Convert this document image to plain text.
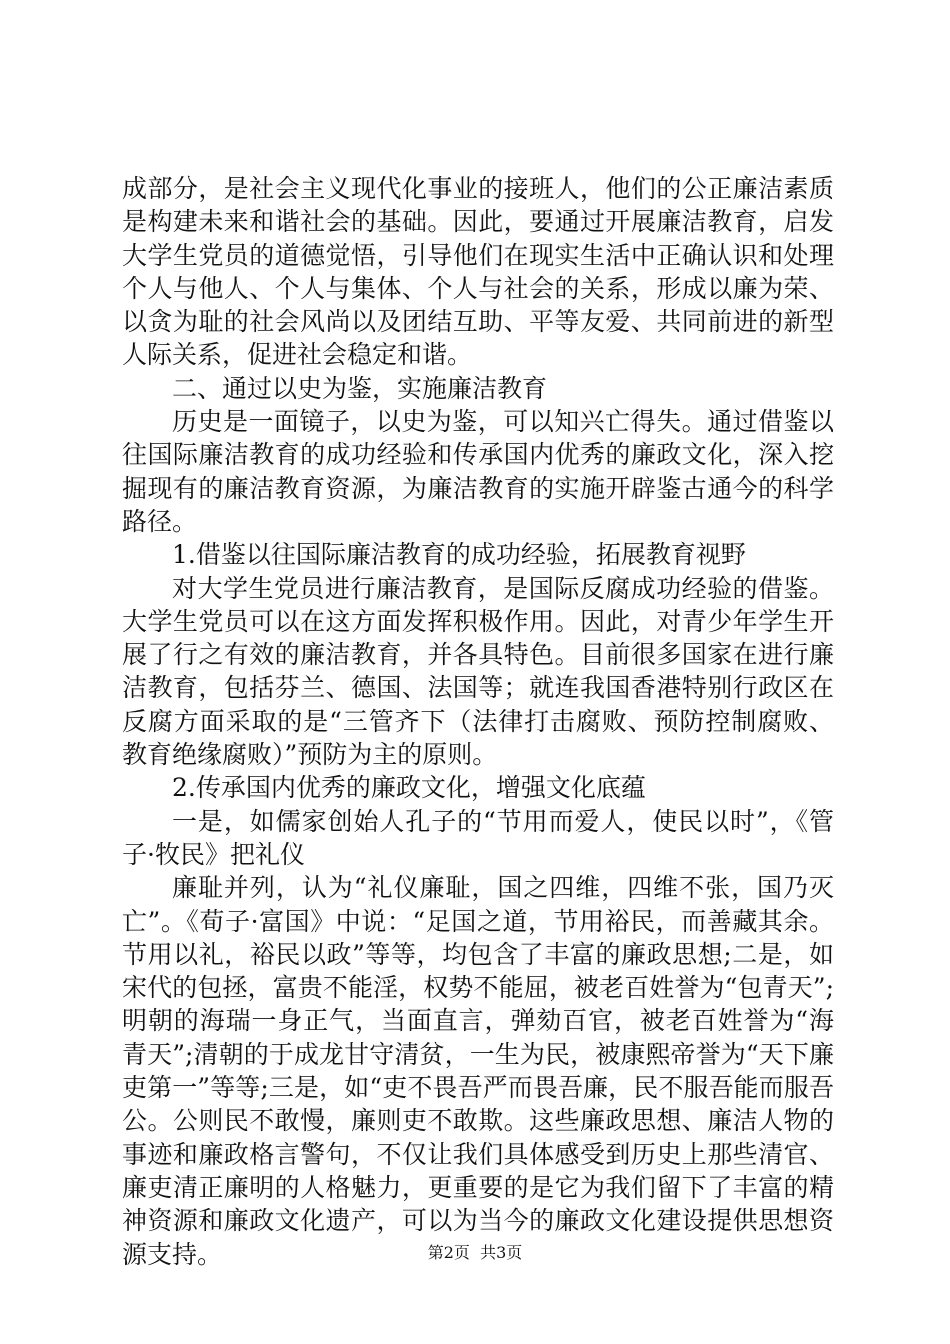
成部分，是社会主义现代化事业的接班人，他们的公正廉洁素质是构建未来和谐社会的基础。因此，要通过开展廉洁教育，启发大学生党员的道德觉悟，引导他们在现实生活中正确认识和处理个人与他人、个人与集体、个人与社会的关系，形成以廉为荣、以贪为耻的社会风尚以及团结互助、平等友爱、共同前进的新型人际关系，促进社会稳定和谐。

二、通过以史为鉴，实施廉洁教育

历史是一面镜子，以史为鉴，可以知兴亡得失。通过借鉴以往国际廉洁教育的成功经验和传承国内优秀的廉政文化，深入挖掘现有的廉洁教育资源，为廉洁教育的实施开辟鉴古通今的科学路径。

1.借鉴以往国际廉洁教育的成功经验，拓展教育视野

对大学生党员进行廉洁教育，是国际反腐成功经验的借鉴。大学生党员可以在这方面发挥积极作用。因此，对青少年学生开展了行之有效的廉洁教育，并各具特色。目前很多国家在进行廉洁教育，包括芬兰、德国、法国等；就连我国香港特别行政区在反腐方面采取的是“三管齐下（法律打击腐败、预防控制腐败、教育绝缘腐败）”预防为主的原则。

2.传承国内优秀的廉政文化，增强文化底蕴

一是，如儒家创始人孔子的“节用而爱人，使民以时”，《管子·牧民》把礼仪

廉耻并列，认为“礼仪廉耻，国之四维，四维不张，国乃灭亡”。《荀子·富国》中说：“足国之道，节用裕民，而善藏其余。节用以礼，裕民以政”等等，均包含了丰富的廉政思想;二是，如宋代的包拯，富贵不能淫，权势不能屈，被老百姓誉为“包青天”;明朝的海瑞一身正气，当面直言，弹劾百官，被老百姓誉为“海青天”;清朝的于成龙甘守清贫，一生为民，被康熙帝誉为“天下廉吏第一”等等;三是，如“吏不畏吾严而畏吾廉，民不服吾能而服吾公。公则民不敢慢，廉则吏不敢欺。这些廉政思想、廉洁人物的事迹和廉政格言警句，不仅让我们具体感受到历史上那些清官、廉吏清正廉明的人格魅力，更重要的是它为我们留下了丰富的精神资源和廉政文化遗产，可以为当今的廉政文化建设提供思想资源支持。	第2页  共3页
